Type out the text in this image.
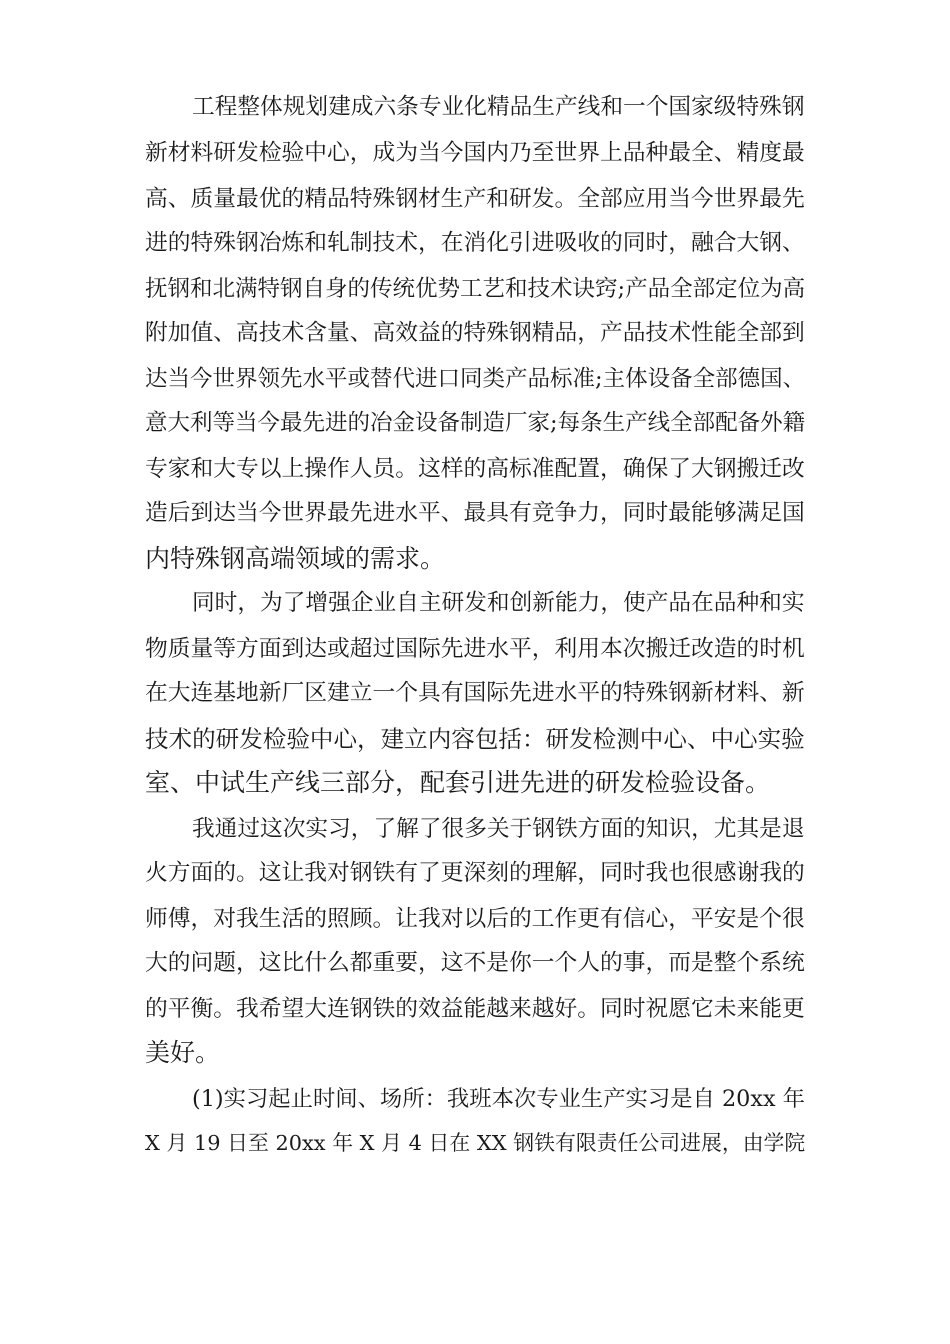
工程整体规划建成六条专业化精品生产线和一个国家级特殊钢
新材料研发检验中心，成为当今国内乃至世界上品种最全、精度最
高、质量最优的精品特殊钢材生产和研发。全部应用当今世界最先
进的特殊钢冶炼和轧制技术，在消化引进吸收的同时，融合大钢、
抚钢和北满特钢自身的传统优势工艺和技术诀窍;产品全部定位为高
附加值、高技术含量、高效益的特殊钢精品，产品技术性能全部到
达当今世界领先水平或替代进口同类产品标准;主体设备全部德国、
意大利等当今最先进的冶金设备制造厂家;每条生产线全部配备外籍
专家和大专以上操作人员。这样的高标准配置，确保了大钢搬迁改
造后到达当今世界最先进水平、最具有竞争力，同时最能够满足国
内特殊钢高端领域的需求。
同时，为了增强企业自主研发和创新能力，使产品在品种和实
物质量等方面到达或超过国际先进水平，利用本次搬迁改造的时机
在大连基地新厂区建立一个具有国际先进水平的特殊钢新材料、新
技术的研发检验中心，建立内容包括：研发检测中心、中心实验
室、中试生产线三部分，配套引进先进的研发检验设备。
我通过这次实习，了解了很多关于钢铁方面的知识，尤其是退
火方面的。这让我对钢铁有了更深刻的理解，同时我也很感谢我的
师傅，对我生活的照顾。让我对以后的工作更有信心，平安是个很
大的问题，这比什么都重要，这不是你一个人的事，而是整个系统
的平衡。我希望大连钢铁的效益能越来越好。同时祝愿它未来能更
美好。
(1)实习起止时间、场所：我班本次专业生产实习是自 20xx 年
X 月 19 日至 20xx 年 X 月 4 日在 XX 钢铁有限责任公司进展，由学院
